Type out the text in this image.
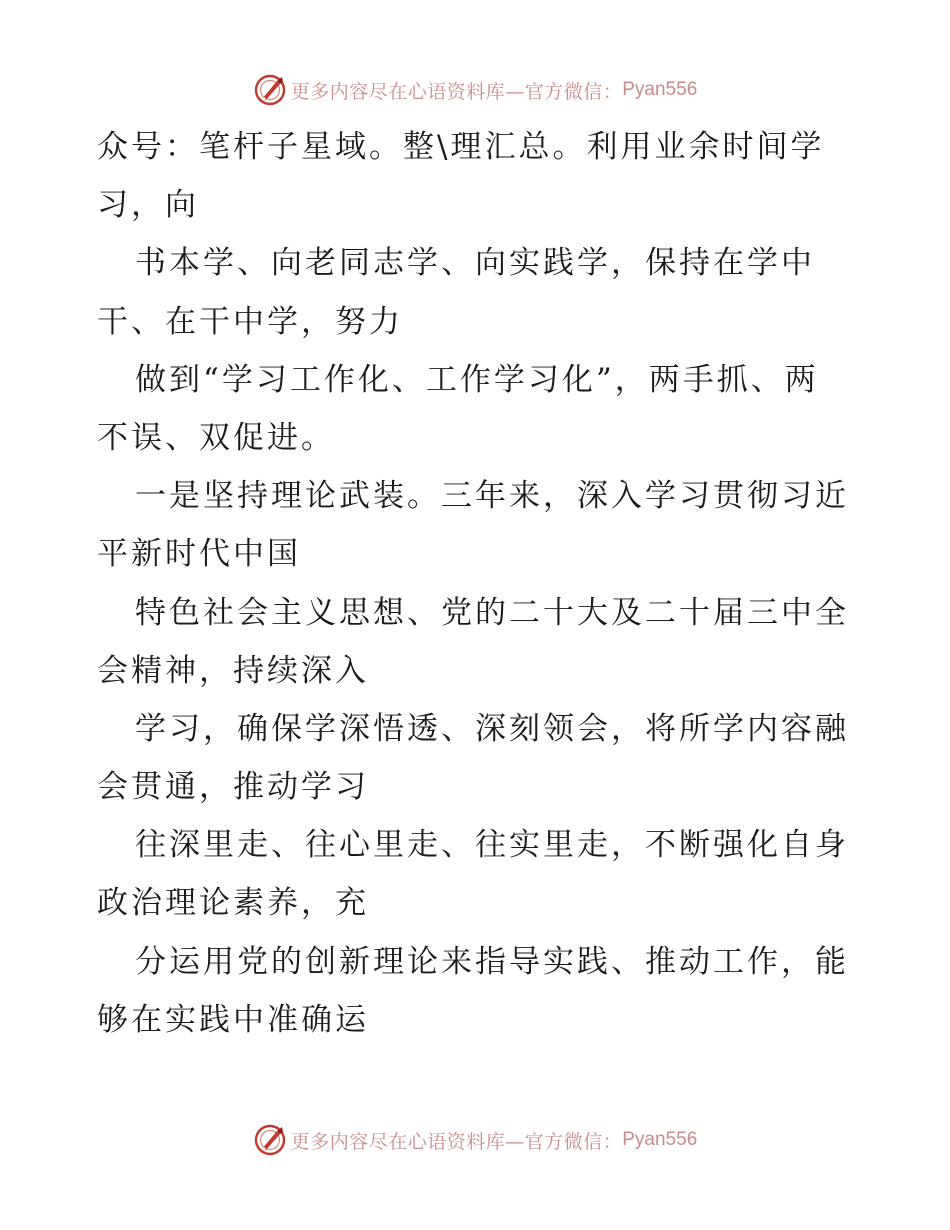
更多内容尽在心语资料库—官方微信： Pyan556
众号：笔杆子星域。整\理汇总。利用业余时间学
习，向
书本学、向老同志学、向实践学，保持在学中
干、在干中学，努力
做到“学习工作化、工作学习化”，两手抓、两
不误、双促进。
一是坚持理论武装。三年来，深入学习贯彻习近
平新时代中国
特色社会主义思想、党的二十大及二十届三中全
会精神，持续深入
学习，确保学深悟透、深刻领会，将所学内容融
会贯通，推动学习
往深里走、往心里走、往实里走，不断强化自身
政治理论素养，充
分运用党的创新理论来指导实践、推动工作，能
够在实践中准确运
更多内容尽在心语资料库—官方微信： Pyan556
